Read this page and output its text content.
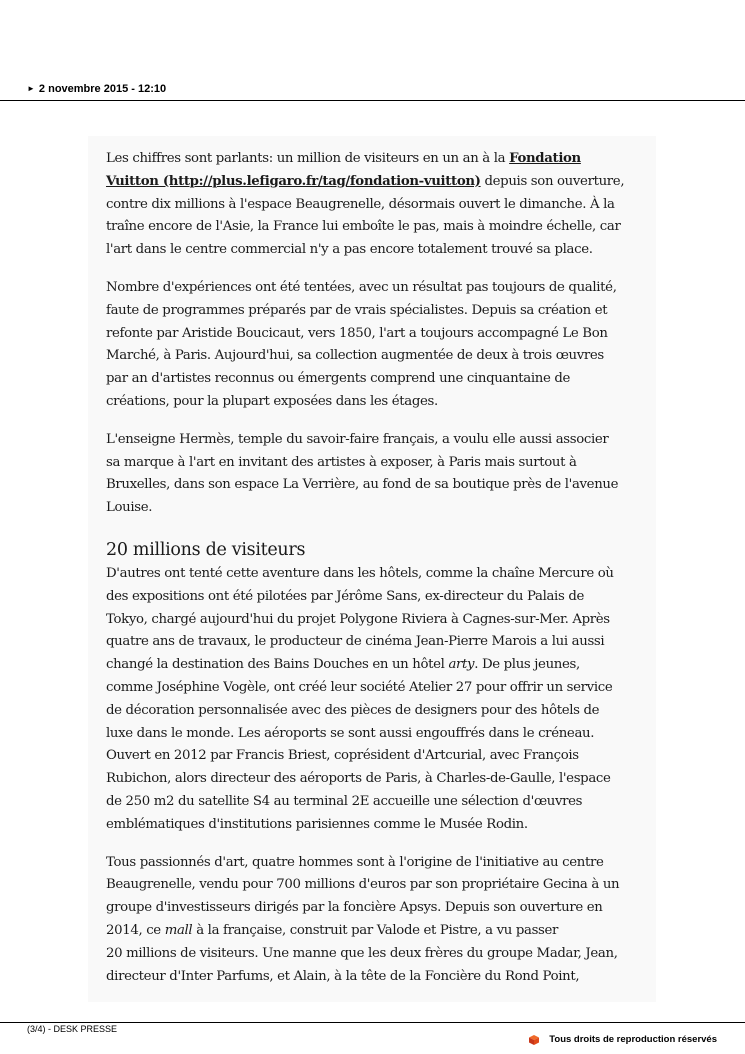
► 2 novembre 2015 - 12:10

Les chiffres sont parlants: un million de visiteurs en un an à la Fondation
Vuitton (http://plus.lefigaro.fr/tag/fondation-vuitton) depuis son ouverture,
contre dix millions à l'espace Beaugrenelle, désormais ouvert le dimanche. À la
traîne encore de l'Asie, la France lui emboîte le pas, mais à moindre échelle, car
l'art dans le centre commercial n'y a pas encore totalement trouvé sa place.

Nombre d'expériences ont été tentées, avec un résultat pas toujours de qualité,
faute de programmes préparés par de vrais spécialistes. Depuis sa création et
refonte par Aristide Boucicaut, vers 1850, l'art a toujours accompagné Le Bon
Marché, à Paris. Aujourd'hui, sa collection augmentée de deux à trois œuvres
par an d'artistes reconnus ou émergents comprend une cinquantaine de
créations, pour la plupart exposées dans les étages.

L'enseigne Hermès, temple du savoir-faire français, a voulu elle aussi associer
sa marque à l'art en invitant des artistes à exposer, à Paris mais surtout à
Bruxelles, dans son espace La Verrière, au fond de sa boutique près de l'avenue
Louise.

20 millions de visiteurs

D'autres ont tenté cette aventure dans les hôtels, comme la chaîne Mercure où
des expositions ont été pilotées par Jérôme Sans, ex-directeur du Palais de
Tokyo, chargé aujourd'hui du projet Polygone Riviera à Cagnes-sur-Mer. Après
quatre ans de travaux, le producteur de cinéma Jean-Pierre Marois a lui aussi
changé la destination des Bains Douches en un hôtel arty. De plus jeunes,
comme Joséphine Vogèle, ont créé leur société Atelier 27 pour offrir un service
de décoration personnalisée avec des pièces de designers pour des hôtels de
luxe dans le monde. Les aéroports se sont aussi engouffrés dans le créneau.
Ouvert en 2012 par Francis Briest, coprésident d'Artcurial, avec François
Rubichon, alors directeur des aéroports de Paris, à Charles-de-Gaulle, l'espace
de 250 m2 du satellite S4 au terminal 2E accueille une sélection d'œuvres
emblématiques d'institutions parisiennes comme le Musée Rodin.

Tous passionnés d'art, quatre hommes sont à l'origine de l'initiative au centre
Beaugrenelle, vendu pour 700 millions d'euros par son propriétaire Gecina à un
groupe d'investisseurs dirigés par la foncière Apsys. Depuis son ouverture en
2014, ce mall à la française, construit par Valode et Pistre, a vu passer
20 millions de visiteurs. Une manne que les deux frères du groupe Madar, Jean,
directeur d'Inter Parfums, et Alain, à la tête de la Foncière du Rond Point,

(3/4) - DESK PRESSE
Tous droits de reproduction réservés
